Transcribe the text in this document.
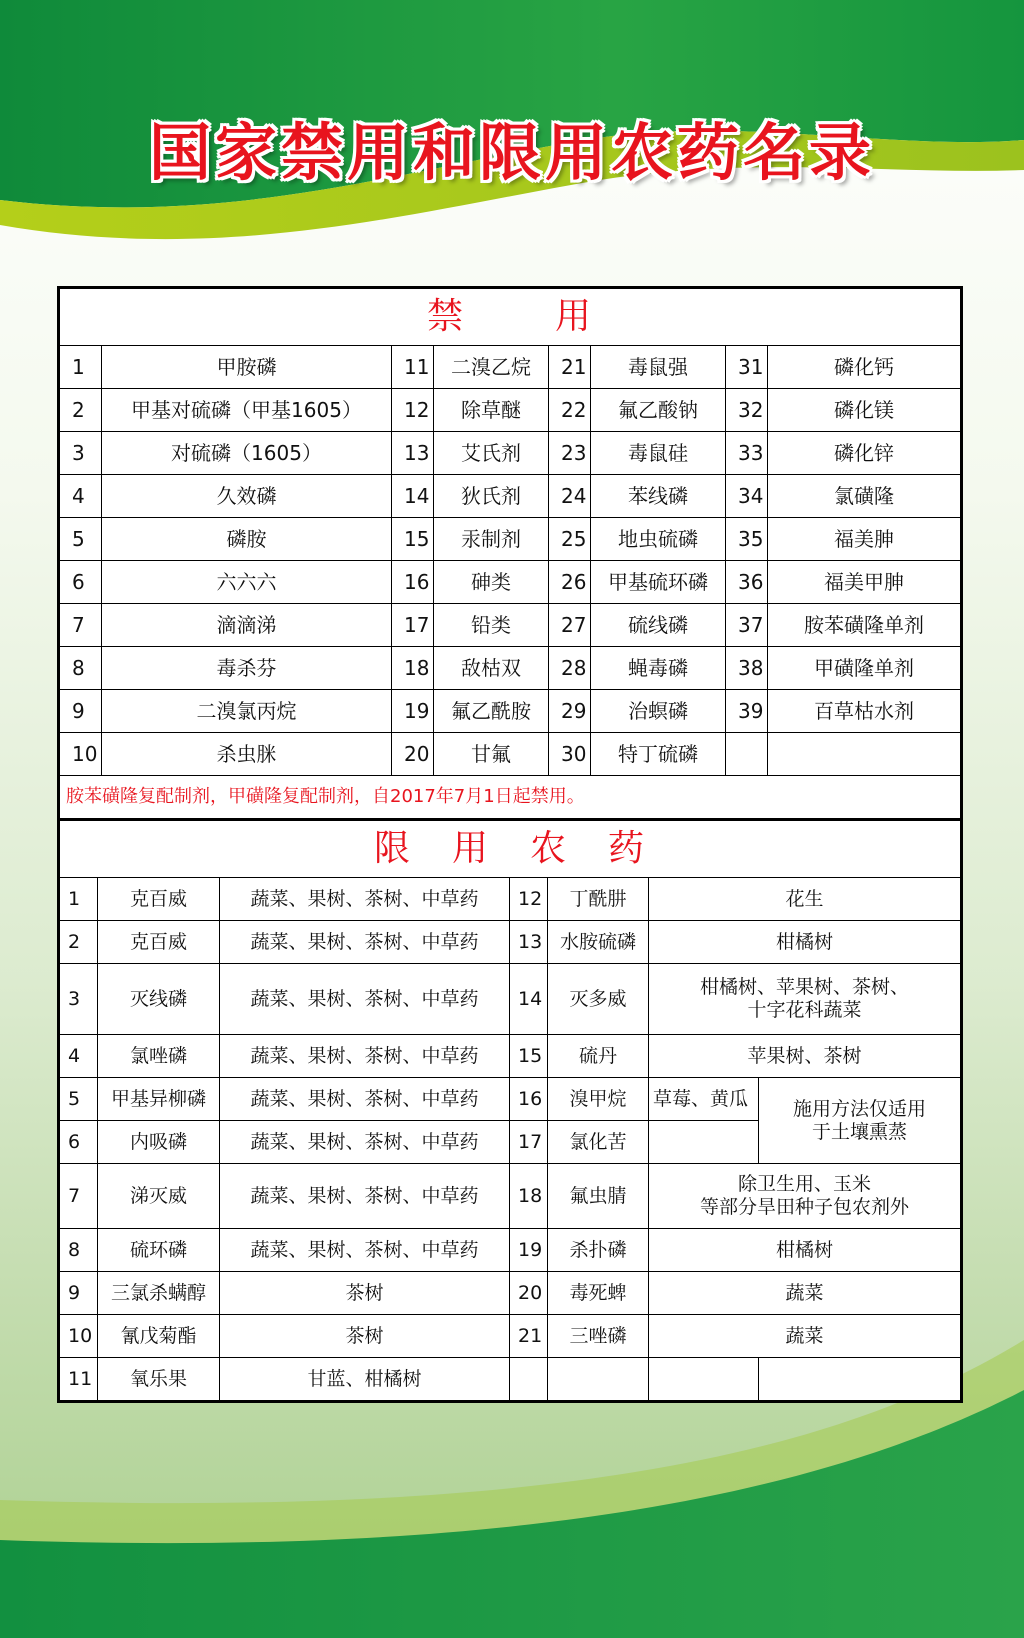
国家禁用和限用农药名录
禁 用							
1	甲胺磷	11	二溴乙烷	21	毒鼠强	31	磷化钙
2	甲基对硫磷（甲基1605）	12	除草醚	22	氟乙酸钠	32	磷化镁
3	对硫磷（1605）	13	艾氏剂	23	毒鼠硅	33	磷化锌
4	久效磷	14	狄氏剂	24	苯线磷	34	氯磺隆
5	磷胺	15	汞制剂	25	地虫硫磷	35	福美胂
6	六六六	16	砷类	26	甲基硫环磷	36	福美甲胂
7	滴滴涕	17	铅类	27	硫线磷	37	胺苯磺隆单剂
8	毒杀芬	18	敌枯双	28	蝇毒磷	38	甲磺隆单剂
9	二溴氯丙烷	19	氟乙酰胺	29	治螟磷	39	百草枯水剂
10	杀虫脒	20	甘氟	30	特丁硫磷		
胺苯磺隆复配制剂，甲磺隆复配制剂，自2017年7月1日起禁用。							
限 用 农 药						
1	克百威	蔬菜、果树、茶树、中草药	12	丁酰肼	花生	
2	克百威	蔬菜、果树、茶树、中草药	13	水胺硫磷	柑橘树	
3	灭线磷	蔬菜、果树、茶树、中草药	14	灭多威	柑橘树、苹果树、茶树、
十字花科蔬菜	

4	氯唑磷	蔬菜、果树、茶树、中草药	15	硫丹	苹果树、茶树	
5	甲基异柳磷	蔬菜、果树、茶树、中草药	16	溴甲烷	草莓、黄瓜	施用方法仅适用
于土壤熏蒸

6	内吸磷	蔬菜、果树、茶树、中草药	17	氯化苦		
7	涕灭威	蔬菜、果树、茶树、中草药	18	氟虫腈	除卫生用、玉米
等部分旱田种子包农剂外	

8	硫环磷	蔬菜、果树、茶树、中草药	19	杀扑磷	柑橘树	
9	三氯杀螨醇	茶树	20	毒死蜱	蔬菜	
10	氰戊菊酯	茶树	21	三唑磷	蔬菜	
11	氧乐果	甘蓝、柑橘树				
